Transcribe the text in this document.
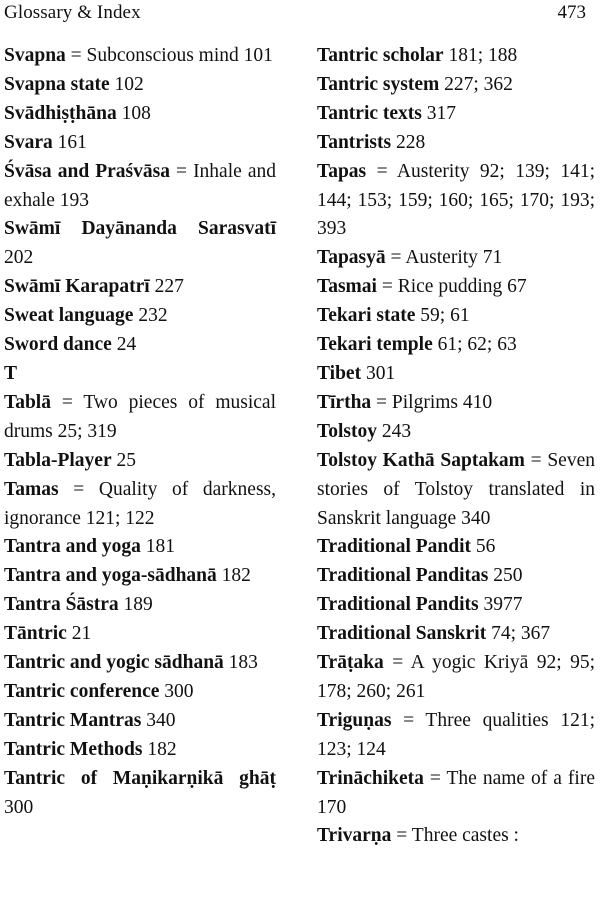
Glossary & Index	473

Svapna = Subconscious mind 101

Svapna state 102

Svādhiṣṭhāna 108

Svara 161

Śvāsa and Praśvāsa = Inhale and exhale 193

Swāmī Dayānanda Sarasvatī 202

Swāmī Karapatrī 227

Sweat language 232

Sword dance 24

T

Tablā = Two pieces of musical drums 25; 319

Tabla-Player 25

Tamas = Quality of darkness, ignorance 121; 122

Tantra and yoga 181

Tantra and yoga-sādhanā 182

Tantra Śāstra 189

Tāntric 21

Tantric and yogic sādhanā 183

Tantric conference 300

Tantric Mantras 340

Tantric Methods 182

Tantric of Maṇikarṇikā ghāṭ 300

Tantric scholar 181; 188

Tantric system 227; 362

Tantric texts 317

Tantrists 228

Tapas = Austerity 92; 139; 141; 144; 153; 159; 160; 165; 170; 193; 393

Tapasyā = Austerity 71

Tasmai = Rice pudding 67

Tekari state 59; 61

Tekari temple 61; 62; 63

Tibet 301

Tīrtha = Pilgrims 410

Tolstoy 243

Tolstoy Kathā Saptakam = Seven stories of Tolstoy translated in Sanskrit language 340

Traditional Pandit 56

Traditional Panditas 250

Traditional Pandits 3977

Traditional Sanskrit 74; 367

Trāṭaka = A yogic Kriyā 92; 95; 178; 260; 261

Triguṇas = Three qualities 121; 123; 124

Trināchiketa = The name of a fire 170

Trivarṇa = Three castes :
